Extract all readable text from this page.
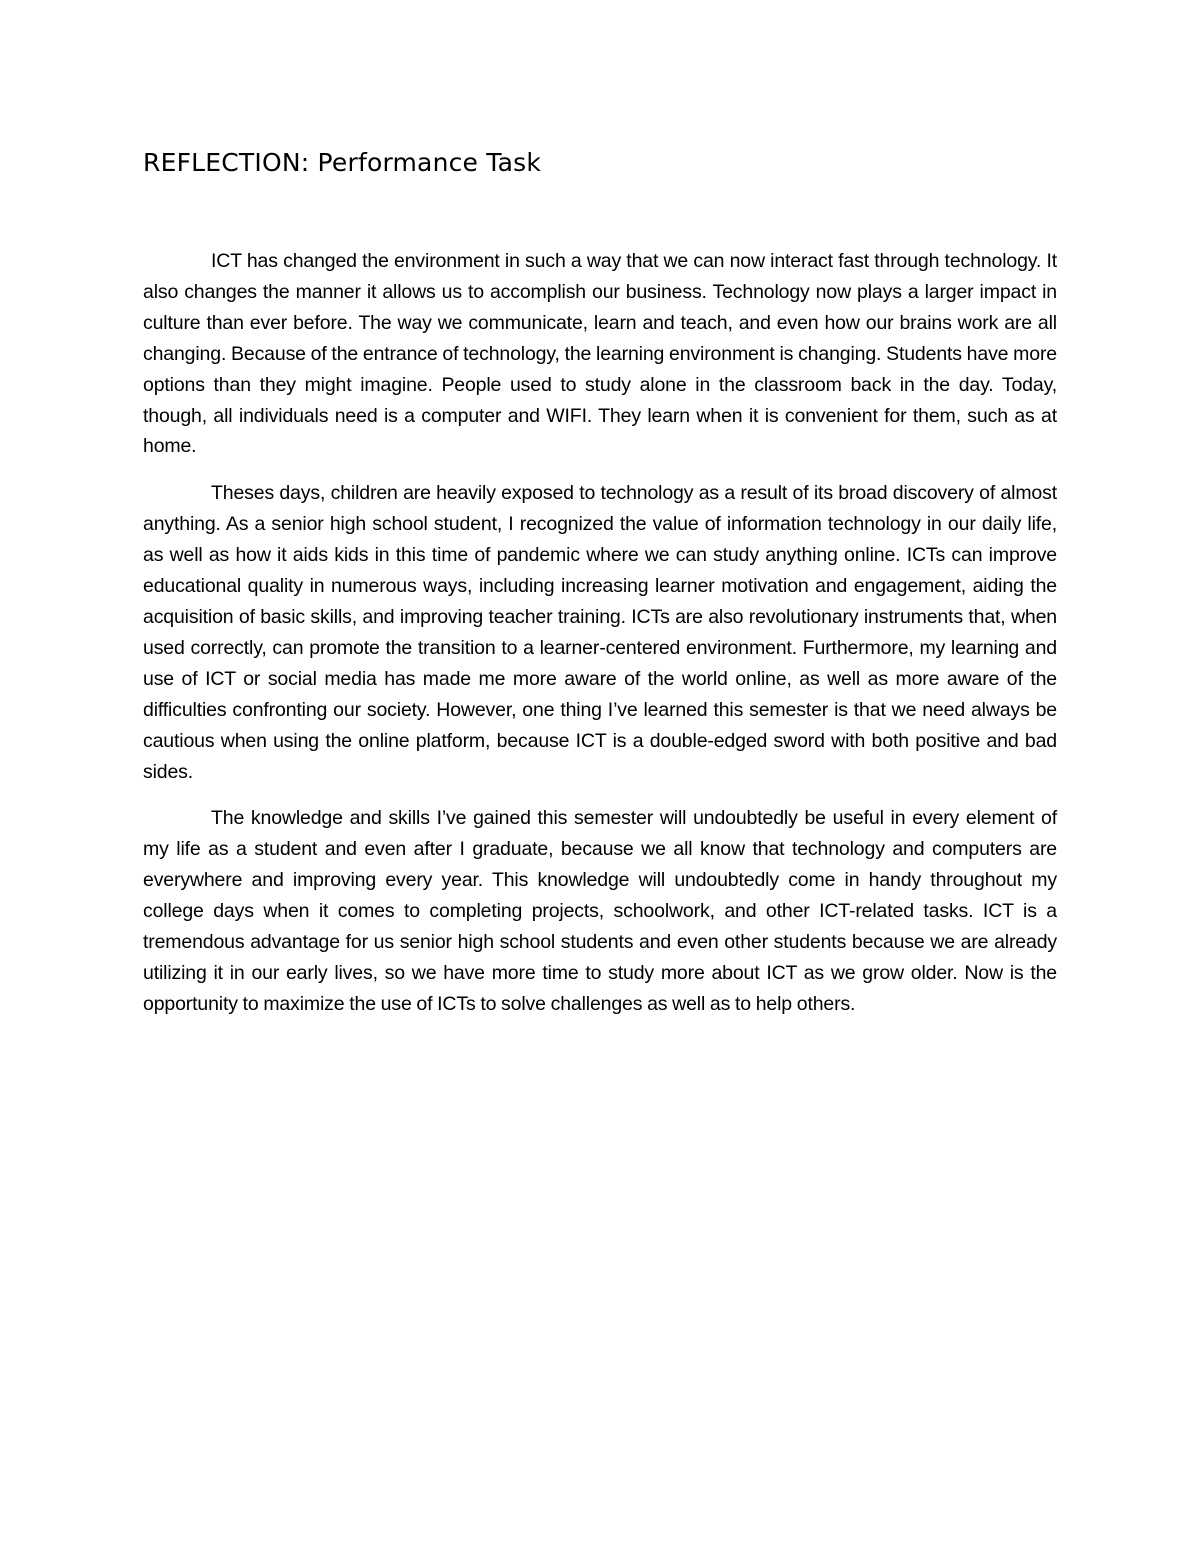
REFLECTION: Performance Task

ICT has changed the environment in such a way that we can now interact fast through technology. It also changes the manner it allows us to accomplish our business. Technology now plays a larger impact in culture than ever before. The way we communicate, learn and teach, and even how our brains work are all changing. Because of the entrance of technology, the learning environment is changing. Students have more options than they might imagine. People used to study alone in the classroom back in the day. Today, though, all individuals need is a computer and WIFI. They learn when it is convenient for them, such as at home.

Theses days, children are heavily exposed to technology as a result of its broad discovery of almost anything. As a senior high school student, I recognized the value of information technology in our daily life, as well as how it aids kids in this time of pandemic where we can study anything online. ICTs can improve educational quality in numerous ways, including increasing learner motivation and engagement, aiding the acquisition of basic skills, and improving teacher training. ICTs are also revolutionary instruments that, when used correctly, can promote the transition to a learner-centered environment. Furthermore, my learning and use of ICT or social media has made me more aware of the world online, as well as more aware of the difficulties confronting our society. However, one thing I’ve learned this semester is that we need always be cautious when using the online platform, because ICT is a double-edged sword with both positive and bad sides.

The knowledge and skills I’ve gained this semester will undoubtedly be useful in every element of my life as a student and even after I graduate, because we all know that technology and computers are everywhere and improving every year. This knowledge will undoubtedly come in handy throughout my college days when it comes to completing projects, schoolwork, and other ICT-related tasks. ICT is a tremendous advantage for us senior high school students and even other students because we are already utilizing it in our early lives, so we have more time to study more about ICT as we grow older. Now is the opportunity to maximize the use of ICTs to solve challenges as well as to help others.
